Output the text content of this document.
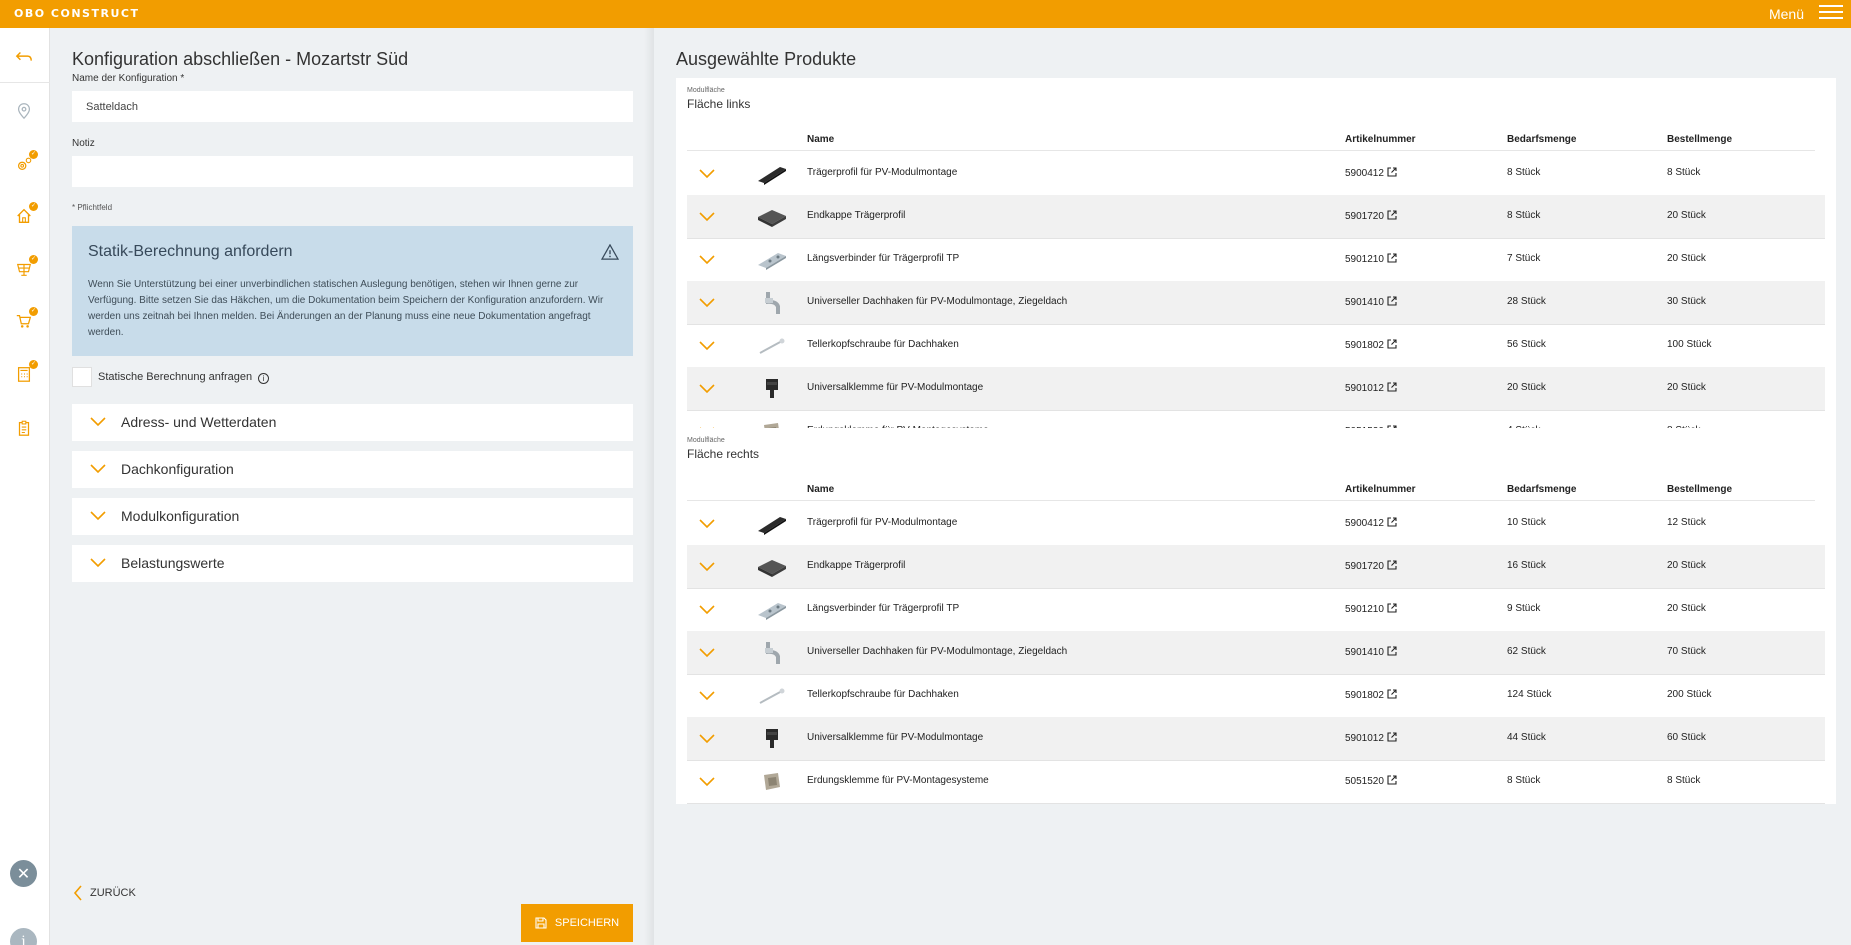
OBO CONSTRUCT	Menü
✓
✓
✓
✓
✓
✕
i
Konfiguration abschließen - Mozartstr Süd
Name der Konfiguration *
Satteldach
Notiz
* Pflichtfeld
Statik-Berechnung anfordern
Wenn Sie Unterstützung bei einer unverbindlichen statischen Auslegung benötigen, stehen wir Ihnen gerne zur Verfügung. Bitte setzen Sie das Häkchen, um die Dokumentation beim Speichern der Konfiguration anzufordern. Wir werden uns zeitnah bei Ihnen melden. Bei Änderungen an der Planung muss eine neue Dokumentation angefragt werden.
Statische Berechnung anfragen i
Adress- und Wetterdaten
Dachkonfiguration
Modulkonfiguration
Belastungswerte
ZURÜCK
SPEICHERN
Ausgewählte Produkte
Modulfläche
Fläche links
Name	Artikelnummer	Bedarfsmenge	Bestellmenge
Trägerprofil für PV-Modulmontage	5900412	8 Stück	8 Stück
Endkappe Trägerprofil	5901720	8 Stück	20 Stück
Längsverbinder für Trägerprofil TP	5901210	7 Stück	20 Stück
Universeller Dachhaken für PV-Modulmontage, Ziegeldach	5901410	28 Stück	30 Stück
Tellerkopfschraube für Dachhaken	5901802	56 Stück	100 Stück
Universalklemme für PV-Modulmontage	5901012	20 Stück	20 Stück
Modulfläche
Fläche rechts
Name	Artikelnummer	Bedarfsmenge	Bestellmenge
Trägerprofil für PV-Modulmontage	5900412	10 Stück	12 Stück
Endkappe Trägerprofil	5901720	16 Stück	20 Stück
Längsverbinder für Trägerprofil TP	5901210	9 Stück	20 Stück
Universeller Dachhaken für PV-Modulmontage, Ziegeldach	5901410	62 Stück	70 Stück
Tellerkopfschraube für Dachhaken	5901802	124 Stück	200 Stück
Universalklemme für PV-Modulmontage	5901012	44 Stück	60 Stück
Erdungsklemme für PV-Montagesysteme	5051520	8 Stück	8 Stück
